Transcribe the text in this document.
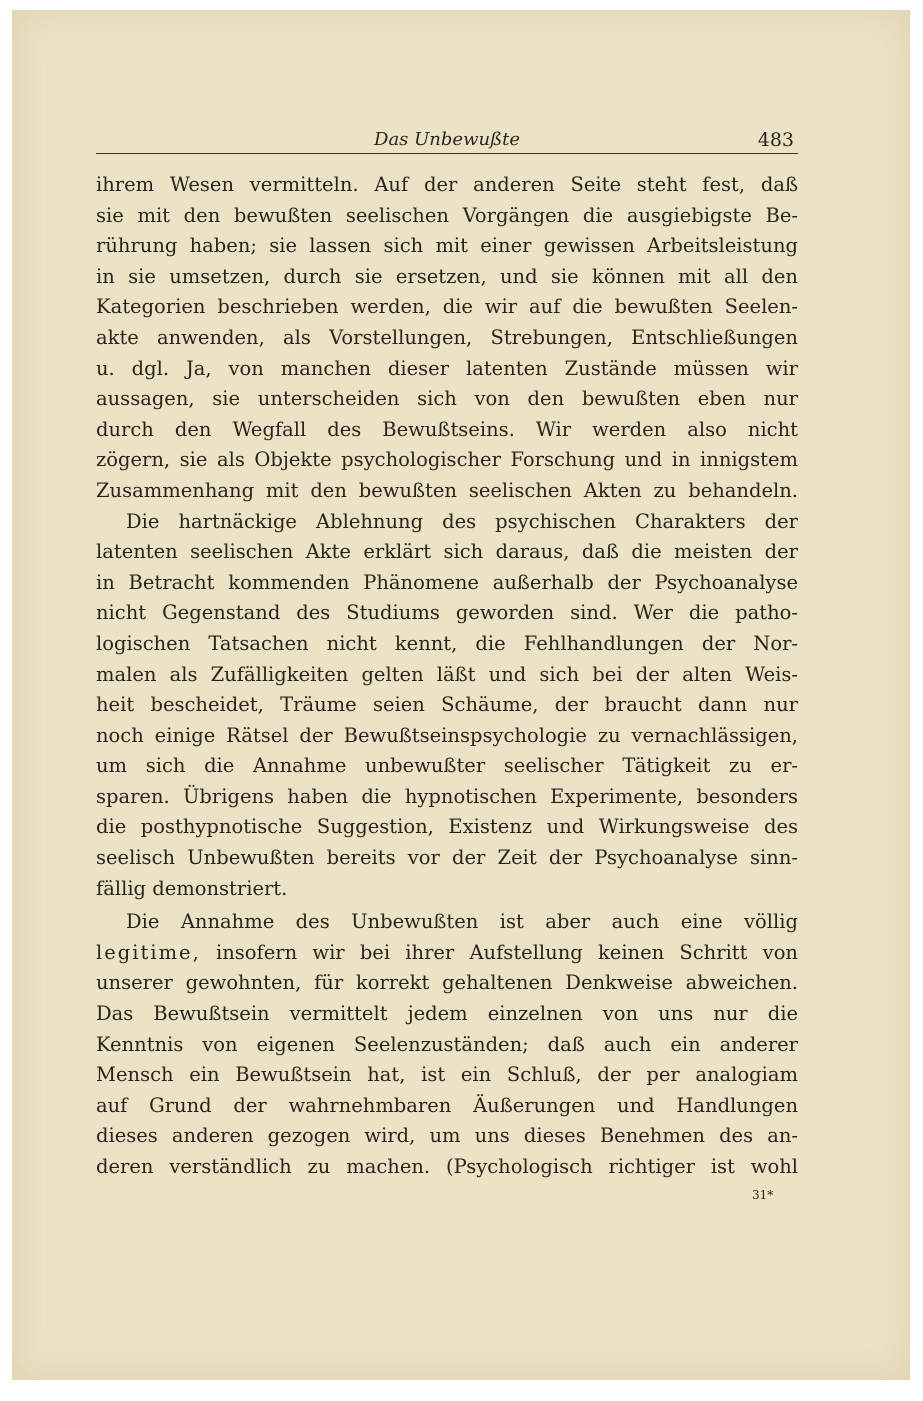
Das Unbewußte	483
ihrem Wesen vermitteln. Auf der anderen Seite steht fest, daß
sie mit den bewußten seelischen Vorgängen die ausgiebigste Be-
rührung haben; sie lassen sich mit einer gewissen Arbeitsleistung
in sie umsetzen, durch sie ersetzen, und sie können mit all den
Kategorien beschrieben werden, die wir auf die bewußten Seelen-
akte anwenden, als Vorstellungen, Strebungen, Entschließungen
u. dgl. Ja, von manchen dieser latenten Zustände müssen wir
aussagen, sie unterscheiden sich von den bewußten eben nur
durch den Wegfall des Bewußtseins. Wir werden also nicht
zögern, sie als Objekte psychologischer Forschung und in innigstem
Zusammenhang mit den bewußten seelischen Akten zu behandeln.
Die hartnäckige Ablehnung des psychischen Charakters der
latenten seelischen Akte erklärt sich daraus, daß die meisten der
in Betracht kommenden Phänomene außerhalb der Psychoanalyse
nicht Gegenstand des Studiums geworden sind. Wer die patho-
logischen Tatsachen nicht kennt, die Fehlhandlungen der Nor-
malen als Zufälligkeiten gelten läßt und sich bei der alten Weis-
heit bescheidet, Träume seien Schäume, der braucht dann nur
noch einige Rätsel der Bewußtseinspsychologie zu vernachlässigen,
um sich die Annahme unbewußter seelischer Tätigkeit zu er-
sparen. Übrigens haben die hypnotischen Experimente, besonders
die posthypnotische Suggestion, Existenz und Wirkungsweise des
seelisch Unbewußten bereits vor der Zeit der Psychoanalyse sinn-
fällig demonstriert.
Die Annahme des Unbewußten ist aber auch eine völlig
legitime, insofern wir bei ihrer Aufstellung keinen Schritt von
unserer gewohnten, für korrekt gehaltenen Denkweise abweichen.
Das Bewußtsein vermittelt jedem einzelnen von uns nur die
Kenntnis von eigenen Seelenzuständen; daß auch ein anderer
Mensch ein Bewußtsein hat, ist ein Schluß, der per analogiam
auf Grund der wahrnehmbaren Äußerungen und Handlungen
dieses anderen gezogen wird, um uns dieses Benehmen des an-
deren verständlich zu machen. (Psychologisch richtiger ist wohl
31*
